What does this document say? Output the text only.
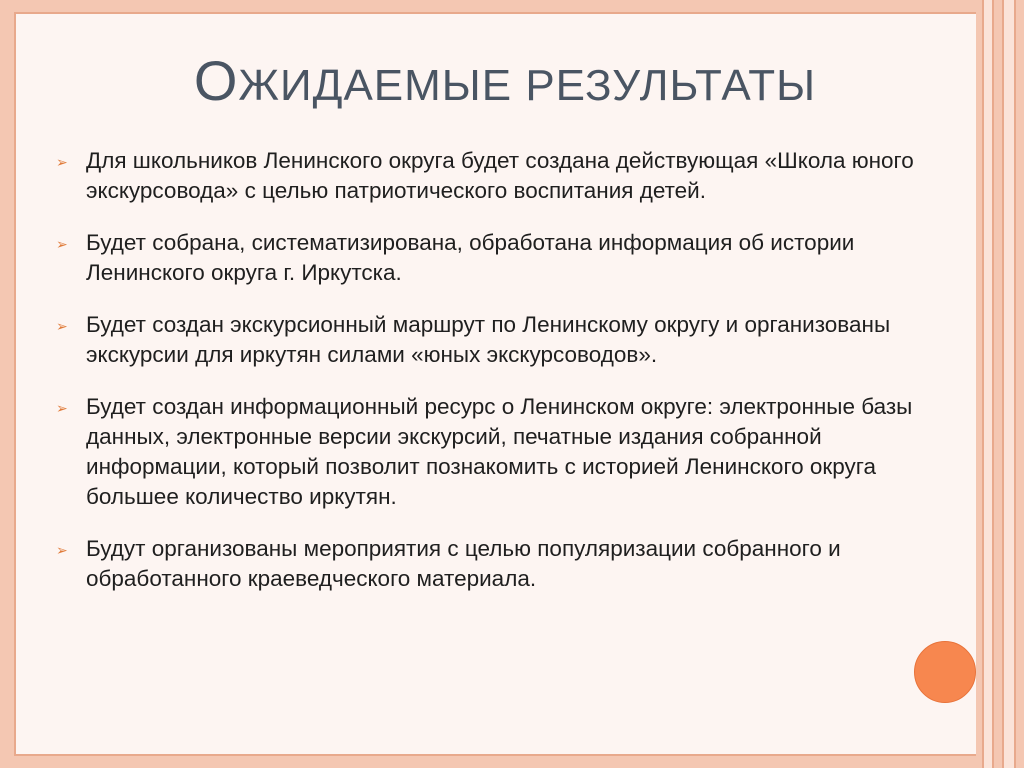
ОЖИДАЕМЫЕ РЕЗУЛЬТАТЫ
➢ Для школьников Ленинского округа будет создана действующая «Школа юного экскурсовода» с целью патриотического воспитания детей.
➢ Будет собрана, систематизирована, обработана информация об истории Ленинского округа г. Иркутска.
➢ Будет создан экскурсионный маршрут по Ленинскому округу и организованы экскурсии для иркутян силами «юных экскурсоводов».
➢ Будет создан информационный ресурс о Ленинском округе: электронные базы данных, электронные версии экскурсий, печатные издания собранной информации, который позволит познакомить с историей Ленинского округа большее количество иркутян.
➢ Будут организованы мероприятия с целью популяризации собранного и обработанного краеведческого материала.
